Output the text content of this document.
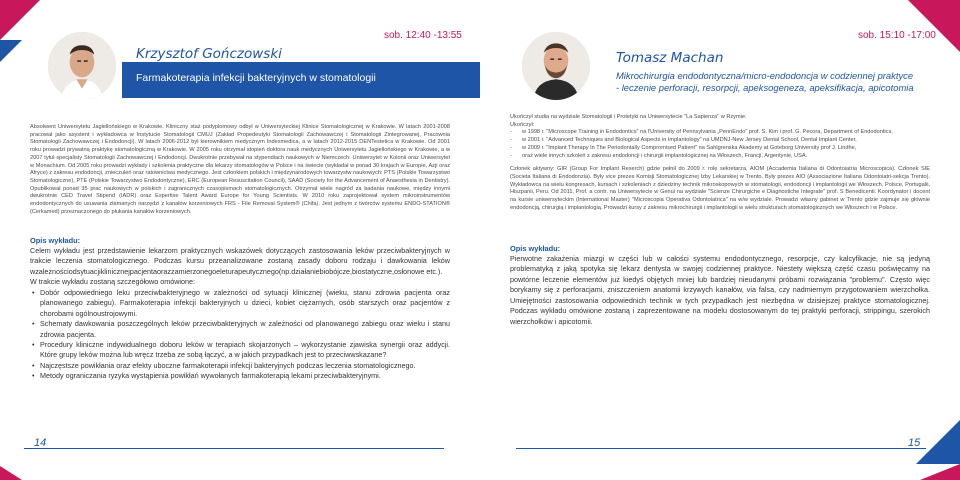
Krzysztof Gończowski
sob. 12:40 -13:55
Farmakoterapia infekcji bakteryjnych w stomatologii

Absolwent Uniwersytetu Jagiellońskiego w Krakowie. Kliniczny staż podyplomowy odbył w Uniwersyteckiej Klinice Stomatologicznej w Krakowie. W latach 2001-2008 pracował jako asystent i wykładowca w Instytucie Stomatologii CMUJ (Zakład Propedeutyki Stomatologii Zachowawczej i Stomatologii Zintegrowanej, Pracownia Stomatologii Zachowawczej i Endodoncji). W latach 2006-2012 był kierownikiem medycznym Indexmedica, a w latach 2012-2015 DENTestetica w Krakowie. Od 2001 roku prowadzi prywatną praktykę stomatologiczną w Krakowie. W 2005 roku otrzymał stopień doktora nauk medycznych Uniwersytetu Jagiellońskiego w Krakowie, a w 2007 tytuł specjalisty Stomatologii Zachowawczej i Endodoncji. Dwukrotnie przebywał na stypendiach naukowych w Niemczech: Uniwersytet w Kolonii oraz Uniwersytet w Monachium. Od 2005 roku prowadzi wykłady i szkolenia praktyczne dla lekarzy stomatologów w Polsce i na świecie (wykładał w ponad 30 krajach w Europie, Azji oraz Afryce) z zakresu endodoncji, znieczuleń oraz ratownictwa medycznego. Jest członkiem polskich i międzynarodowych towarzystw naukowych: PTS (Polskie Towarzystwo Stomatologiczne), PTE (Polskie Towarzystwo Endodontyczne), ERC (European Resuscitation Council), SAAD (Society for the Advancement of Anaesthesia in Dentistry). Opublikował ponad 35 prac naukowych w polskich i zagranicznych czasopismach stomatologicznych. Otrzymał wiele nagród za badania naukowe, między innymi dwukrotnie CED Travel Stipend (IADR) oraz Espertise Talent Award Europe for Young Scientists. W 2010 roku zaprojektował system mikroinstrumentów endodontycznych do usuwania złamanych narzędzi z kanałów korzeniowych FRS - File Removal System® (Chifa). Jest jednym z twórców systemu ENDO-STATION® (Cerkamed) przeznaczonego do płukania kanałów korzeniowych.

Opis wykładu:

Celem wykładu jest przedstawienie lekarzom praktycznych wskazówek dotyczących zastosowania leków przeciwbakteryjnych w trakcie leczenia stomatologicznego. Podczas kursu przeanalizowane zostaną zasady doboru rodzaju i dawkowania leków wzależnościodsytuacjiklinicznejpacjentaorazzamierzonegoeleturapeutycznego(np.działaniebiobójcze,biostatyczne,osłonowe etc.).

W trakcie wykładu zostaną szczegółowo omówione:

• Dobór odpowiedniego leku przeciwbakteryjnego w zależności od sytuacji klinicznej (wieku, stanu zdrowia pacjenta oraz planowanego zabiegu). Farmakoterapia infekcji bakteryjnych u dzieci, kobiet ciężarnych, osób starszych oraz pacjentów z chorobami ogólnoustrojowymi.
• Schematy dawkowania poszczególnych leków przeciwbakteryjnych w zależności od planowanego zabiegu oraz wieku i stanu zdrowia pacjenta.
• Procedury kliniczne indywidualnego doboru leków w terapiach skojarzonych – wykorzystanie zjawiska synergii oraz addycji. Które grupy leków można lub wręcz trzeba ze sobą łączyć, a w jakich przypadkach jest to przeciwwskazane?
• Najczęstsze powikłania oraz efekty uboczne farmakoterapii infekcji bakteryjnych podczas leczenia stomatologicznego.
• Metody ograniczania ryzyka wystąpienia powikłań wywołanych farmakoterapią lekami przeciwbakteryjnymi.
14
sob. 15:10 -17:00
Tomasz Machan
Mikrochirurgia endodontyczna/micro-endodoncja w codziennej praktyce
- leczenie perforacji, resorpcji, apeksogeneza, apeksifikacja, apicotomia

Ukończył studia na wydziale Stomatologii i Protetyki na Uniwersytecie "La Sapienza" w Rzymie.

Ukończył:

- w 1998 r. "Microscope Training in Endodontics" na l'University of Pennsylvania „PennEndo" prof. S. Kim i prof. G. Pecora, Department of Endodontics,
- w 2001 r. "Advanced Techniques and Biological Aspects in Implantology" na UMDNJ-New Jersey Dental School, Dental Implant Center,
- w 2009 r. "Implant Therapy In The Periodontally Compromised Patient" na Sahlgrenska Akademy at Goteborg University prof J. Lindhe,
- oraz wiele innych szkoleń z zakresu endodoncji i chirurgii implantologicznej na Włoszech, Francji, Argentynie, USA.

Członek aktywny: GIR (Group For Implant Reserch) gdzie pełnił do 2009 r. rolę sekretarza, AIOM (Accademia Italiana di Odontoiatria Microscopica). Członek SIE (Societa Italiana di Endodonzia). Były vice prezes Komisji Stomatologicznej Izby Lekarskiej w Trento. Były prezes AIO (Associazione Italiana Odontoiatri-sekcja Trento). Wykładowca na wielu kongresach, kursach i szkoleniach z dziedziny technik mikroskopowych w stomatologii, endodoncji i implantologii we Włoszech, Polsce, Portugalii, Hiszpanii, Peru. Od 2011, Prof. a contr. na Uniwersytecie w Genui na wydziale "Scienze Chirurgiche e Diagnostiche Integrate" prof. S Benedicenti. Koordynator i docent na kursie uniwersyteckim (International Master) "Microscopia Operativa Odontoiatrica" na w/w wydziale. Prowadzi własny gabinet w Trento gdzie zajmuje się głównie endodoncją, chirurgią i implantologią. Prowadzi kursy z zakresu mikrochirurgii i implantologii w wielu strukturach stomatologicznych we Włoszech i w Polsce.

Opis wykładu:

Pierwotne zakażenia miazgi w części lub w całości systemu endodontycznego, resorpcje, czy kalcyfikacje, nie są jedyną problematyką z jaką spotyka się lekarz dentysta w swojej codziennej praktyce. Niestety większą część czasu poświęcamy na powtórne leczenie elementów już kiedyś objętych mniej lub bardziej nieudanymi próbami rozwiązania "problemu". Często więc borykamy się z perforacjami, zniszczeniem anatomii krzywych kanałów, via falsa, czy nadmiernym przygotowaniem wierzchołka. Umiejętności zastosowania odpowiednich technik w tych przypadkach jest niezbędna w dzisiejszej praktyce stomatologicznej. Podczas wykładu omówione zostaną i zaprezentowane na modelu dostosowanym do tej praktyki perforacji, strippingu, szerokich wierzchołków i apicotomii.

15
